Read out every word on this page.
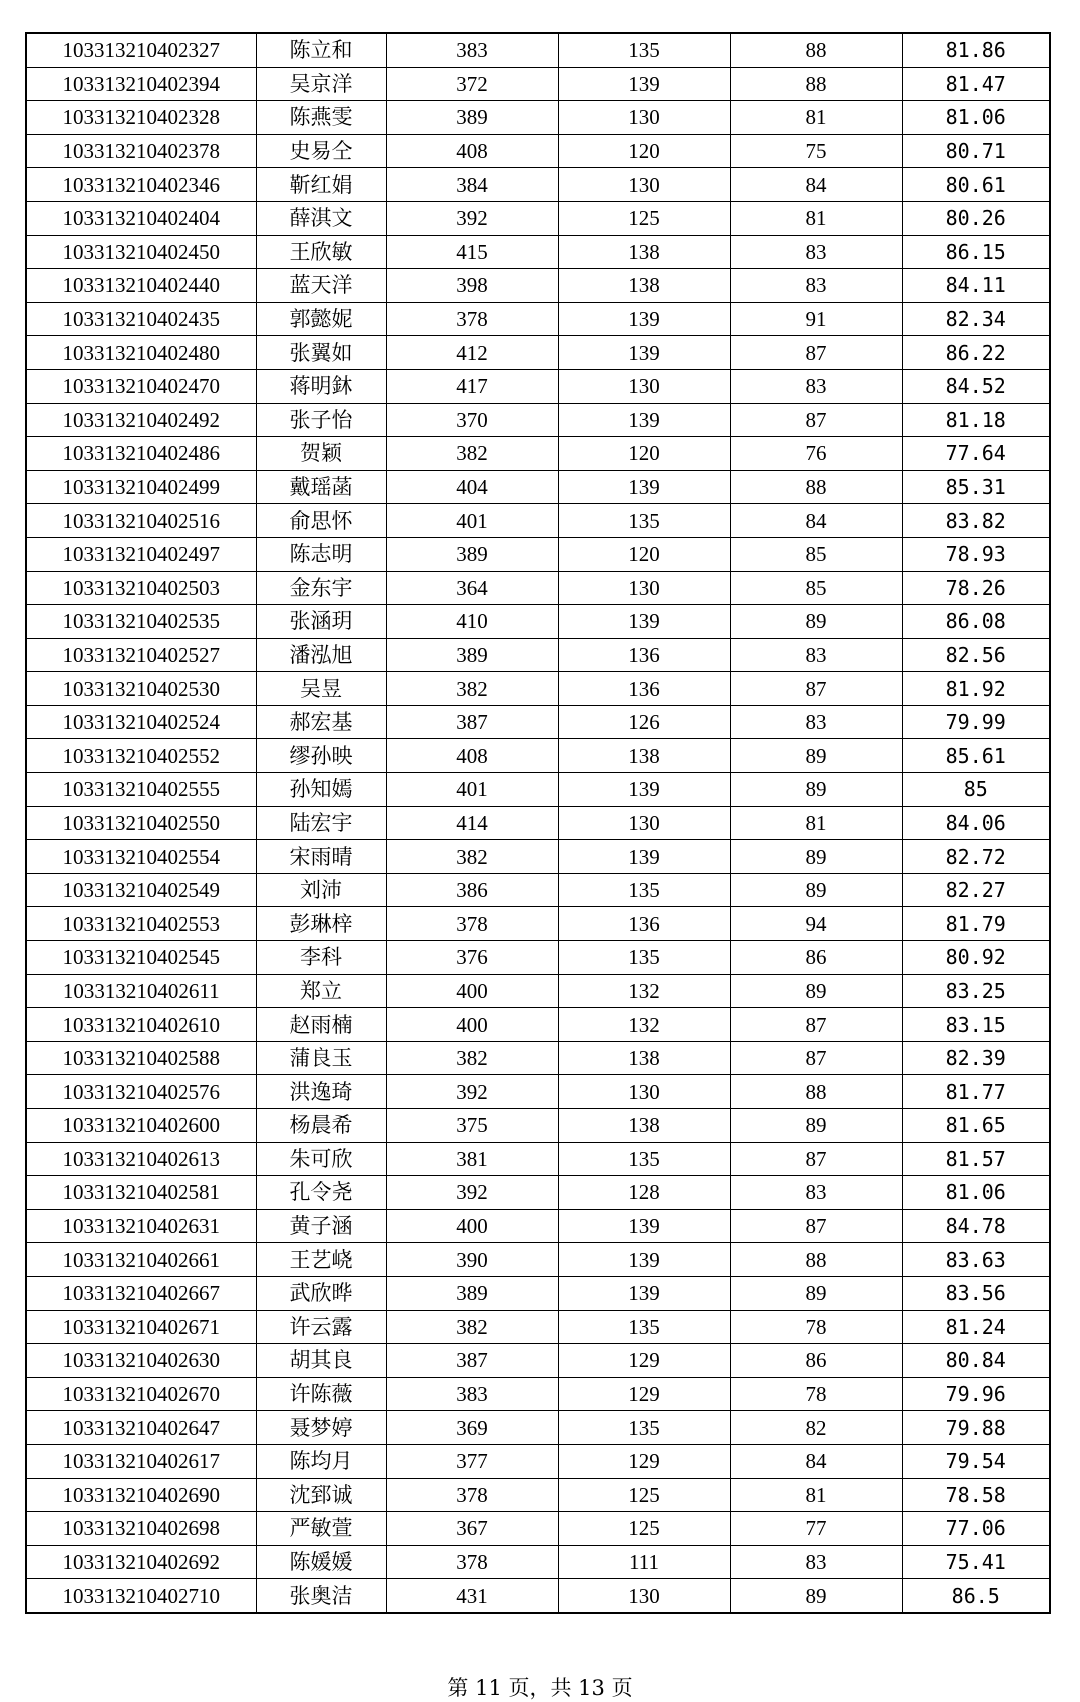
103313210402327	陈立和	383	135	88	81.86
103313210402394	吴京洋	372	139	88	81.47
103313210402328	陈燕雯	389	130	81	81.06
103313210402378	史易仝	408	120	75	80.71
103313210402346	靳红娟	384	130	84	80.61
103313210402404	薛淇文	392	125	81	80.26
103313210402450	王欣敏	415	138	83	86.15
103313210402440	蓝天洋	398	138	83	84.11
103313210402435	郭懿妮	378	139	91	82.34
103313210402480	张翼如	412	139	87	86.22
103313210402470	蒋明鈢	417	130	83	84.52
103313210402492	张子怡	370	139	87	81.18
103313210402486	贺颖	382	120	76	77.64
103313210402499	戴瑶菡	404	139	88	85.31
103313210402516	俞思怀	401	135	84	83.82
103313210402497	陈志明	389	120	85	78.93
103313210402503	金东宇	364	130	85	78.26
103313210402535	张涵玥	410	139	89	86.08
103313210402527	潘泓旭	389	136	83	82.56
103313210402530	吴昱	382	136	87	81.92
103313210402524	郝宏基	387	126	83	79.99
103313210402552	缪孙映	408	138	89	85.61
103313210402555	孙知嫣	401	139	89	85
103313210402550	陆宏宇	414	130	81	84.06
103313210402554	宋雨晴	382	139	89	82.72
103313210402549	刘沛	386	135	89	82.27
103313210402553	彭琳梓	378	136	94	81.79
103313210402545	李科	376	135	86	80.92
103313210402611	郑立	400	132	89	83.25
103313210402610	赵雨楠	400	132	87	83.15
103313210402588	蒲良玉	382	138	87	82.39
103313210402576	洪逸琦	392	130	88	81.77
103313210402600	杨晨希	375	138	89	81.65
103313210402613	朱可欣	381	135	87	81.57
103313210402581	孔令尧	392	128	83	81.06
103313210402631	黄子涵	400	139	87	84.78
103313210402661	王艺峣	390	139	88	83.63
103313210402667	武欣晔	389	139	89	83.56
103313210402671	许云露	382	135	78	81.24
103313210402630	胡其良	387	129	86	80.84
103313210402670	许陈薇	383	129	78	79.96
103313210402647	聂梦婷	369	135	82	79.88
103313210402617	陈均月	377	129	84	79.54
103313210402690	沈郅诚	378	125	81	78.58
103313210402698	严敏萱	367	125	77	77.06
103313210402692	陈媛媛	378	111	83	75.41
103313210402710	张奥洁	431	130	89	86.5
第 11 页，共 13 页
